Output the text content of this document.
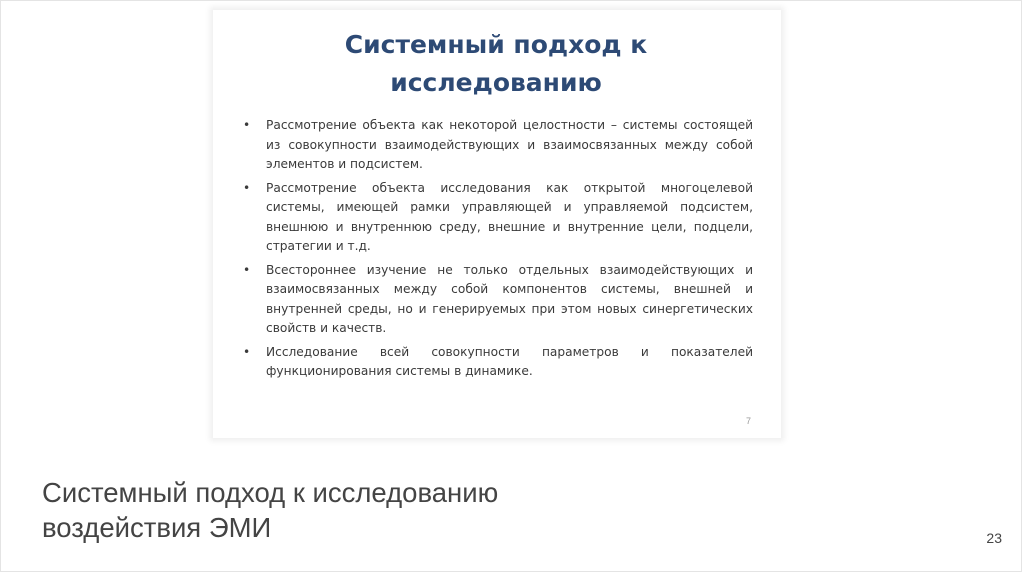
Системный подход к
исследованию
• Рассмотрение объекта как некоторой целостности – системы состоящей из совокупности взаимодействующих и взаимосвязанных между собой элементов и подсистем.
• Рассмотрение объекта исследования как открытой многоцелевой системы, имеющей рамки управляющей и управляемой подсистем, внешнюю и внутреннюю среду, внешние и внутренние цели, подцели, стратегии и т.д.
• Всестороннее изучение не только отдельных взаимодействующих и взаимосвязанных между собой компонентов системы, внешней и внутренней среды, но и генерируемых при этом новых синергетических свойств и качеств.
• Исследование всей совокупности параметров и показателей функционирования системы в динамике.
7
Системный подход к исследованию
воздействия ЭМИ	23
